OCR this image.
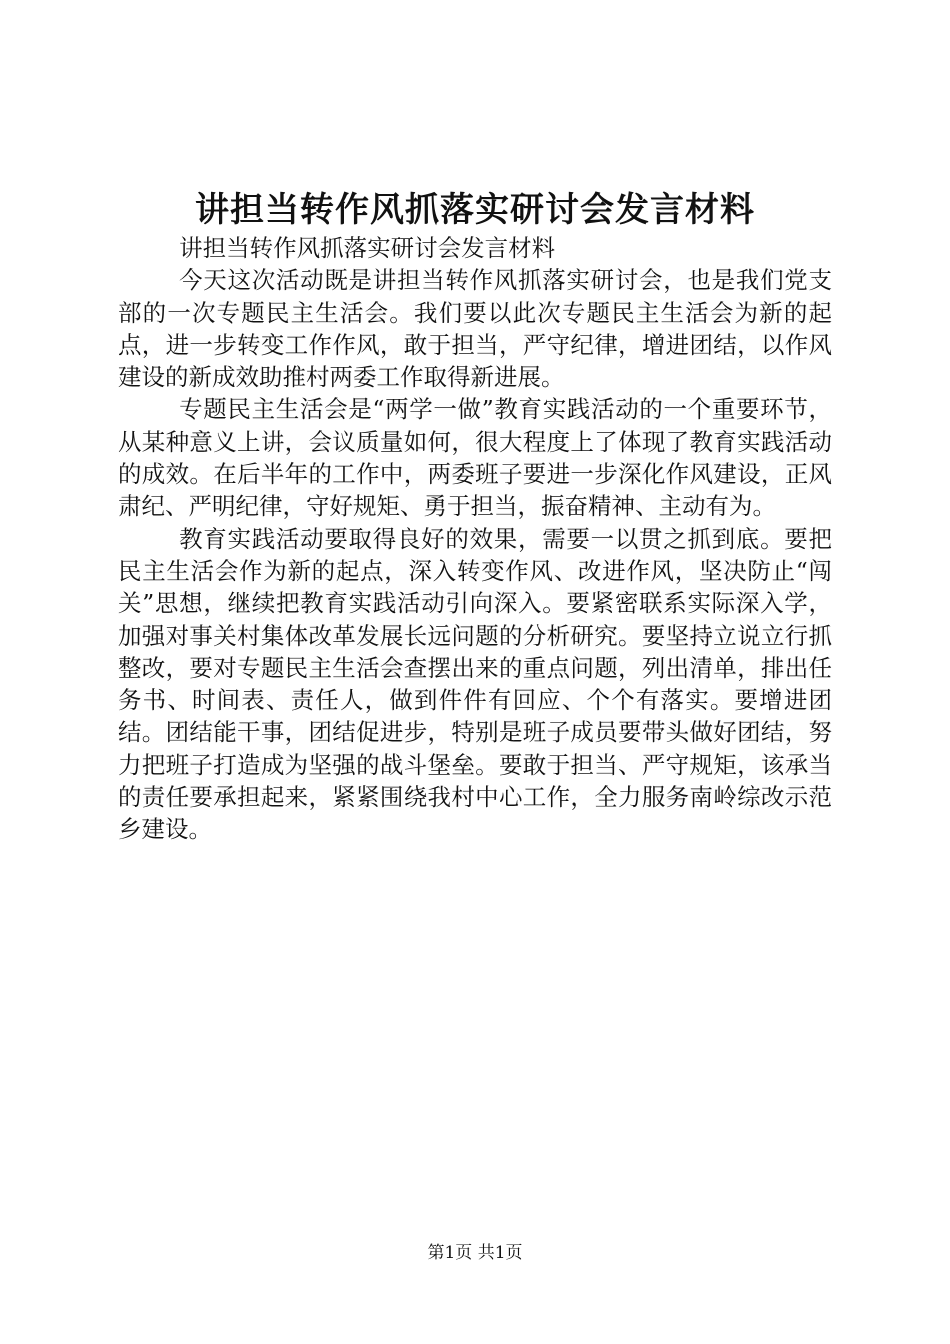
讲担当转作风抓落实研讨会发言材料

讲担当转作风抓落实研讨会发言材料

今天这次活动既是讲担当转作风抓落实研讨会，也是我们党支部的一次专题民主生活会。我们要以此次专题民主生活会为新的起点，进一步转变工作作风，敢于担当，严守纪律，增进团结，以作风建设的新成效助推村两委工作取得新进展。

专题民主生活会是“两学一做”教育实践活动的一个重要环节，从某种意义上讲，会议质量如何，很大程度上了体现了教育实践活动的成效。在后半年的工作中，两委班子要进一步深化作风建设，正风肃纪、严明纪律，守好规矩、勇于担当，振奋精神、主动有为。

教育实践活动要取得良好的效果，需要一以贯之抓到底。要把民主生活会作为新的起点，深入转变作风、改进作风，坚决防止“闯关”思想，继续把教育实践活动引向深入。要紧密联系实际深入学，加强对事关村集体改革发展长远问题的分析研究。要坚持立说立行抓整改，要对专题民主生活会查摆出来的重点问题，列出清单，排出任务书、时间表、责任人，做到件件有回应、个个有落实。要增进团结。团结能干事，团结促进步，特别是班子成员要带头做好团结，努力把班子打造成为坚强的战斗堡垒。要敢于担当、严守规矩，该承当的责任要承担起来，紧紧围绕我村中心工作，全力服务南岭综改示范乡建设。

第1页 共1页
